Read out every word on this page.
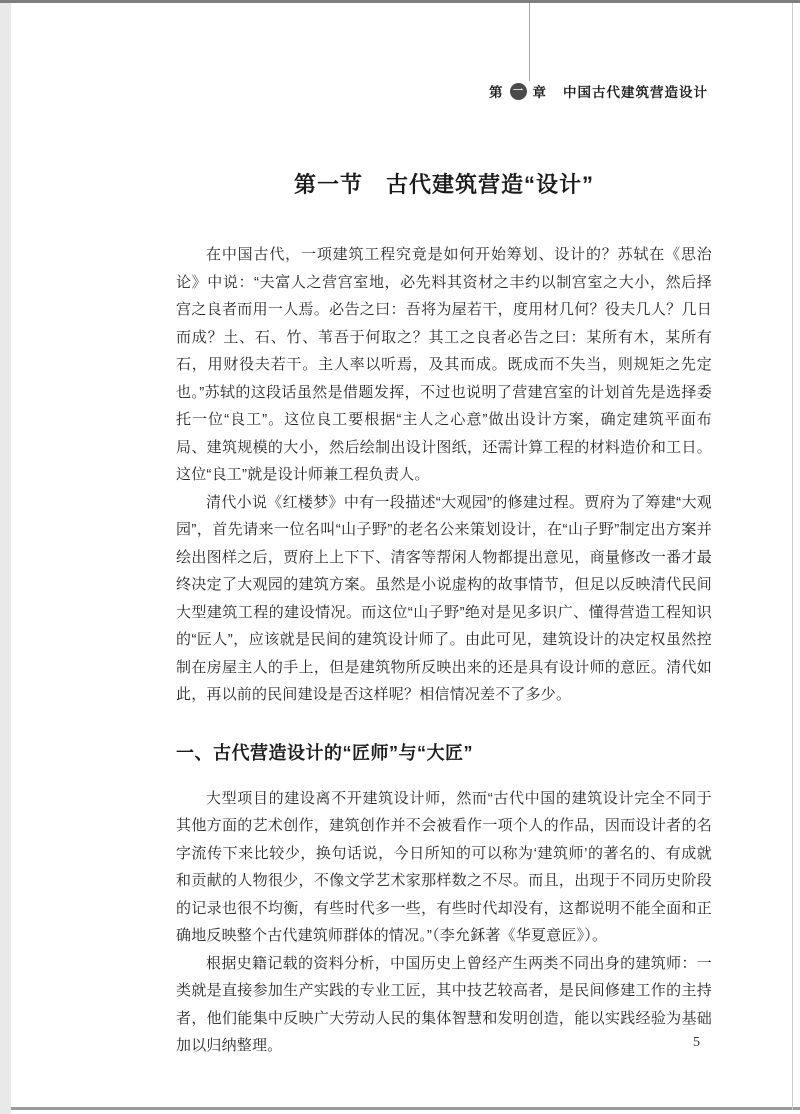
第 一 章 中国古代建筑营造设计
第一节　古代建筑营造“设计”

在中国古代，一项建筑工程究竟是如何开始筹划、设计的？苏轼在《思治论》中说：“夫富人之营宫室地，必先料其资材之丰约以制宫室之大小，然后择宫之良者而用一人焉。必告之曰：吾将为屋若干，度用材几何？役夫几人？几日而成？土、石、竹、苇吾于何取之？其工之良者必告之曰：某所有木，某所有石，用财役夫若干。主人率以听焉，及其而成。既成而不失当，则规矩之先定也。”苏轼的这段话虽然是借题发挥，不过也说明了营建宫室的计划首先是选择委托一位“良工”。这位良工要根据“主人之心意”做出设计方案，确定建筑平面布局、建筑规模的大小，然后绘制出设计图纸，还需计算工程的材料造价和工日。这位“良工”就是设计师兼工程负责人。

清代小说《红楼梦》中有一段描述“大观园”的修建过程。贾府为了筹建“大观园”，首先请来一位名叫“山子野”的老名公来策划设计，在“山子野”制定出方案并绘出图样之后，贾府上上下下、清客等帮闲人物都提出意见，商量修改一番才最终决定了大观园的建筑方案。虽然是小说虚构的故事情节，但足以反映清代民间大型建筑工程的建设情况。而这位“山子野”绝对是见多识广、懂得营造工程知识的“匠人”，应该就是民间的建筑设计师了。由此可见，建筑设计的决定权虽然控制在房屋主人的手上，但是建筑物所反映出来的还是具有设计师的意匠。清代如此，再以前的民间建设是否这样呢？相信情况差不了多少。

一、古代营造设计的“匠师”与“大匠”

大型项目的建设离不开建筑设计师，然而“古代中国的建筑设计完全不同于其他方面的艺术创作，建筑创作并不会被看作一项个人的作品，因而设计者的名字流传下来比较少，换句话说，今日所知的可以称为‘建筑师’的著名的、有成就和贡献的人物很少，不像文学艺术家那样数之不尽。而且，出现于不同历史阶段的记录也很不均衡，有些时代多一些，有些时代却没有，这都说明不能全面和正确地反映整个古代建筑师群体的情况。”（李允鉌著《华夏意匠》）。

根据史籍记载的资料分析，中国历史上曾经产生两类不同出身的建筑师：一类就是直接参加生产实践的专业工匠，其中技艺较高者，是民间修建工作的主持者，他们能集中反映广大劳动人民的集体智慧和发明创造，能以实践经验为基础加以归纳整理。	5
